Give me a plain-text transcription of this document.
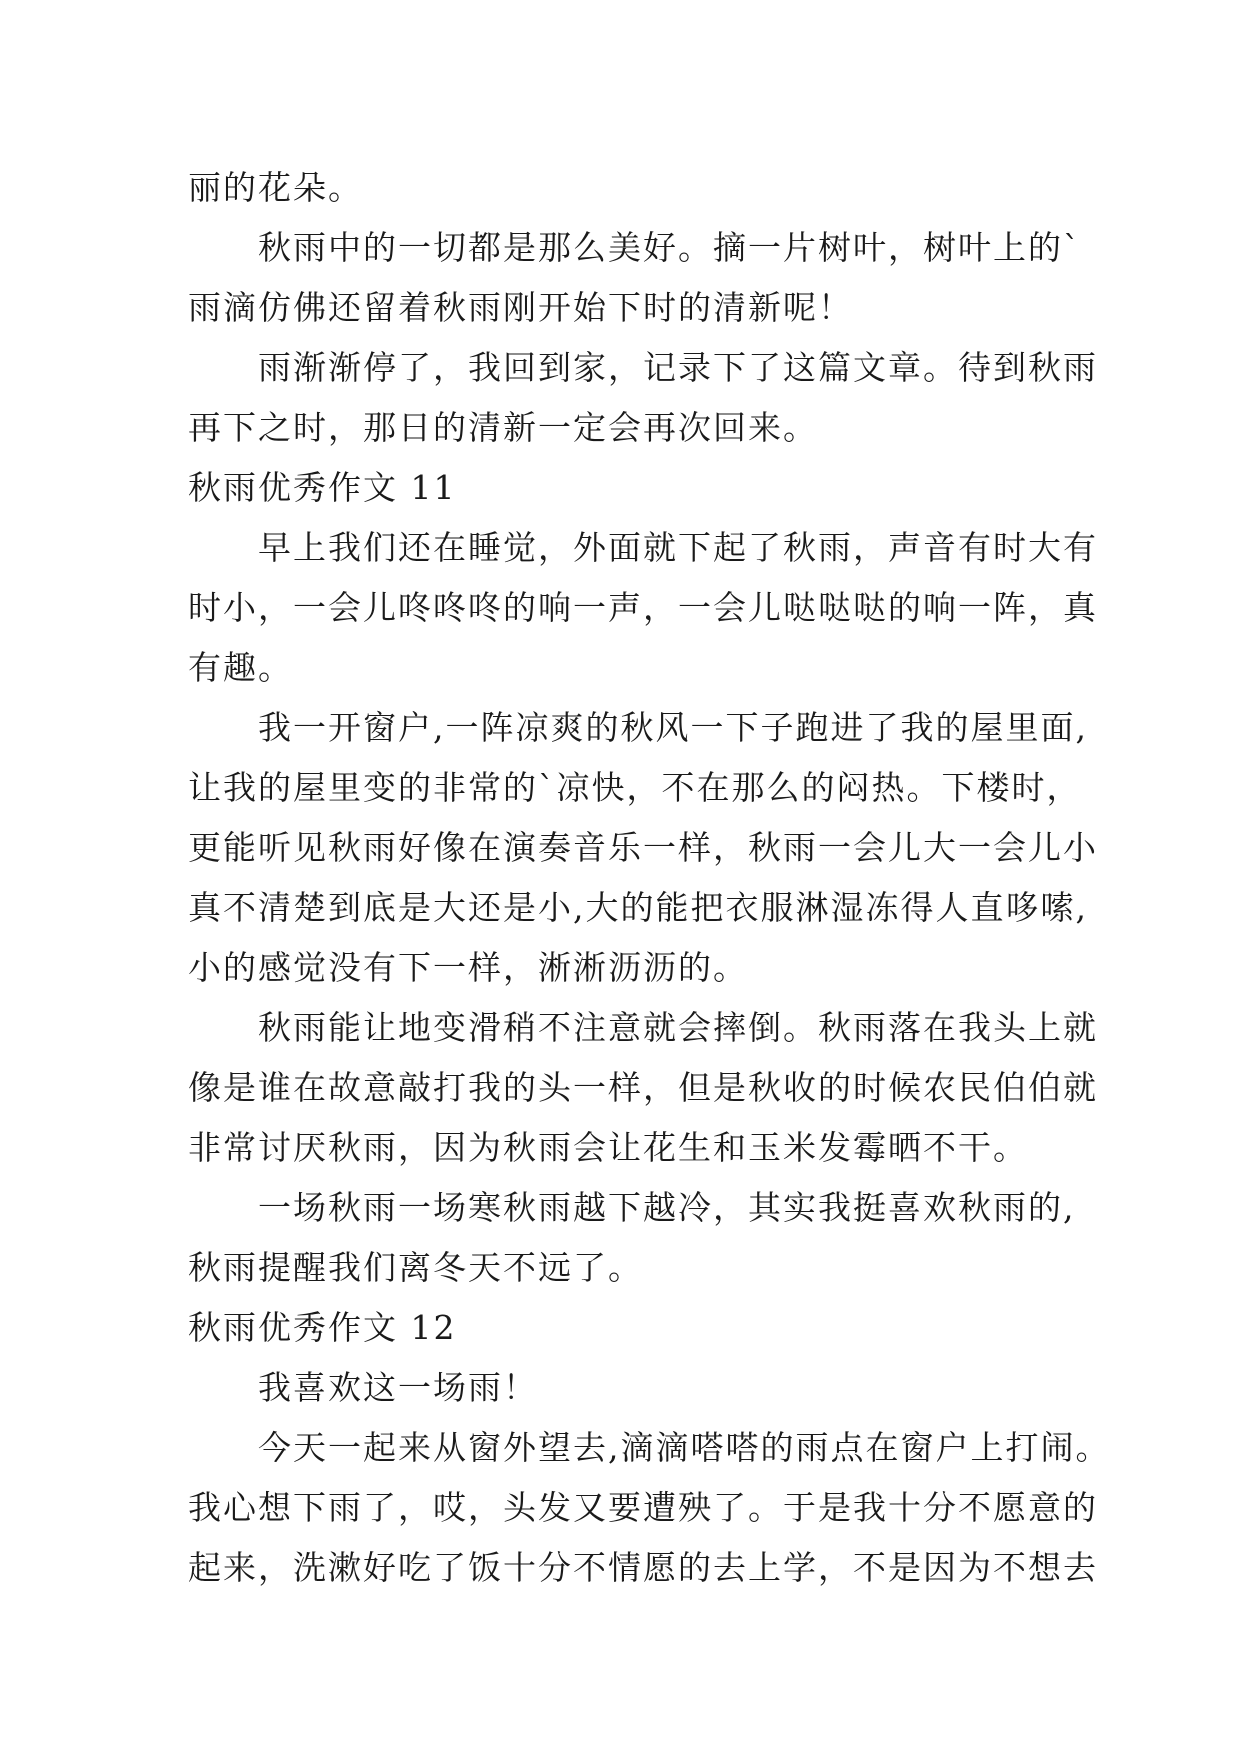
丽的花朵。
秋雨中的一切都是那么美好。摘一片树叶，树叶上的`
雨滴仿佛还留着秋雨刚开始下时的清新呢！
雨渐渐停了，我回到家，记录下了这篇文章。待到秋雨
再下之时，那日的清新一定会再次回来。
秋雨优秀作文 11
早上我们还在睡觉，外面就下起了秋雨，声音有时大有
时小，一会儿咚咚咚的响一声，一会儿哒哒哒的响一阵，真
有趣。
我一开窗户,一阵凉爽的秋风一下子跑进了我的屋里面,
让我的屋里变的非常的`凉快，不在那么的闷热。下楼时，
更能听见秋雨好像在演奏音乐一样，秋雨一会儿大一会儿小
真不清楚到底是大还是小,大的能把衣服淋湿冻得人直哆嗦,
小的感觉没有下一样，淅淅沥沥的。
秋雨能让地变滑稍不注意就会摔倒。秋雨落在我头上就
像是谁在故意敲打我的头一样，但是秋收的时候农民伯伯就
非常讨厌秋雨，因为秋雨会让花生和玉米发霉晒不干。
一场秋雨一场寒秋雨越下越冷，其实我挺喜欢秋雨的,
秋雨提醒我们离冬天不远了。
秋雨优秀作文 12
我喜欢这一场雨！
今天一起来从窗外望去,滴滴嗒嗒的雨点在窗户上打闹。
我心想下雨了，哎，头发又要遭殃了。于是我十分不愿意的
起来，洗漱好吃了饭十分不情愿的去上学，不是因为不想去
